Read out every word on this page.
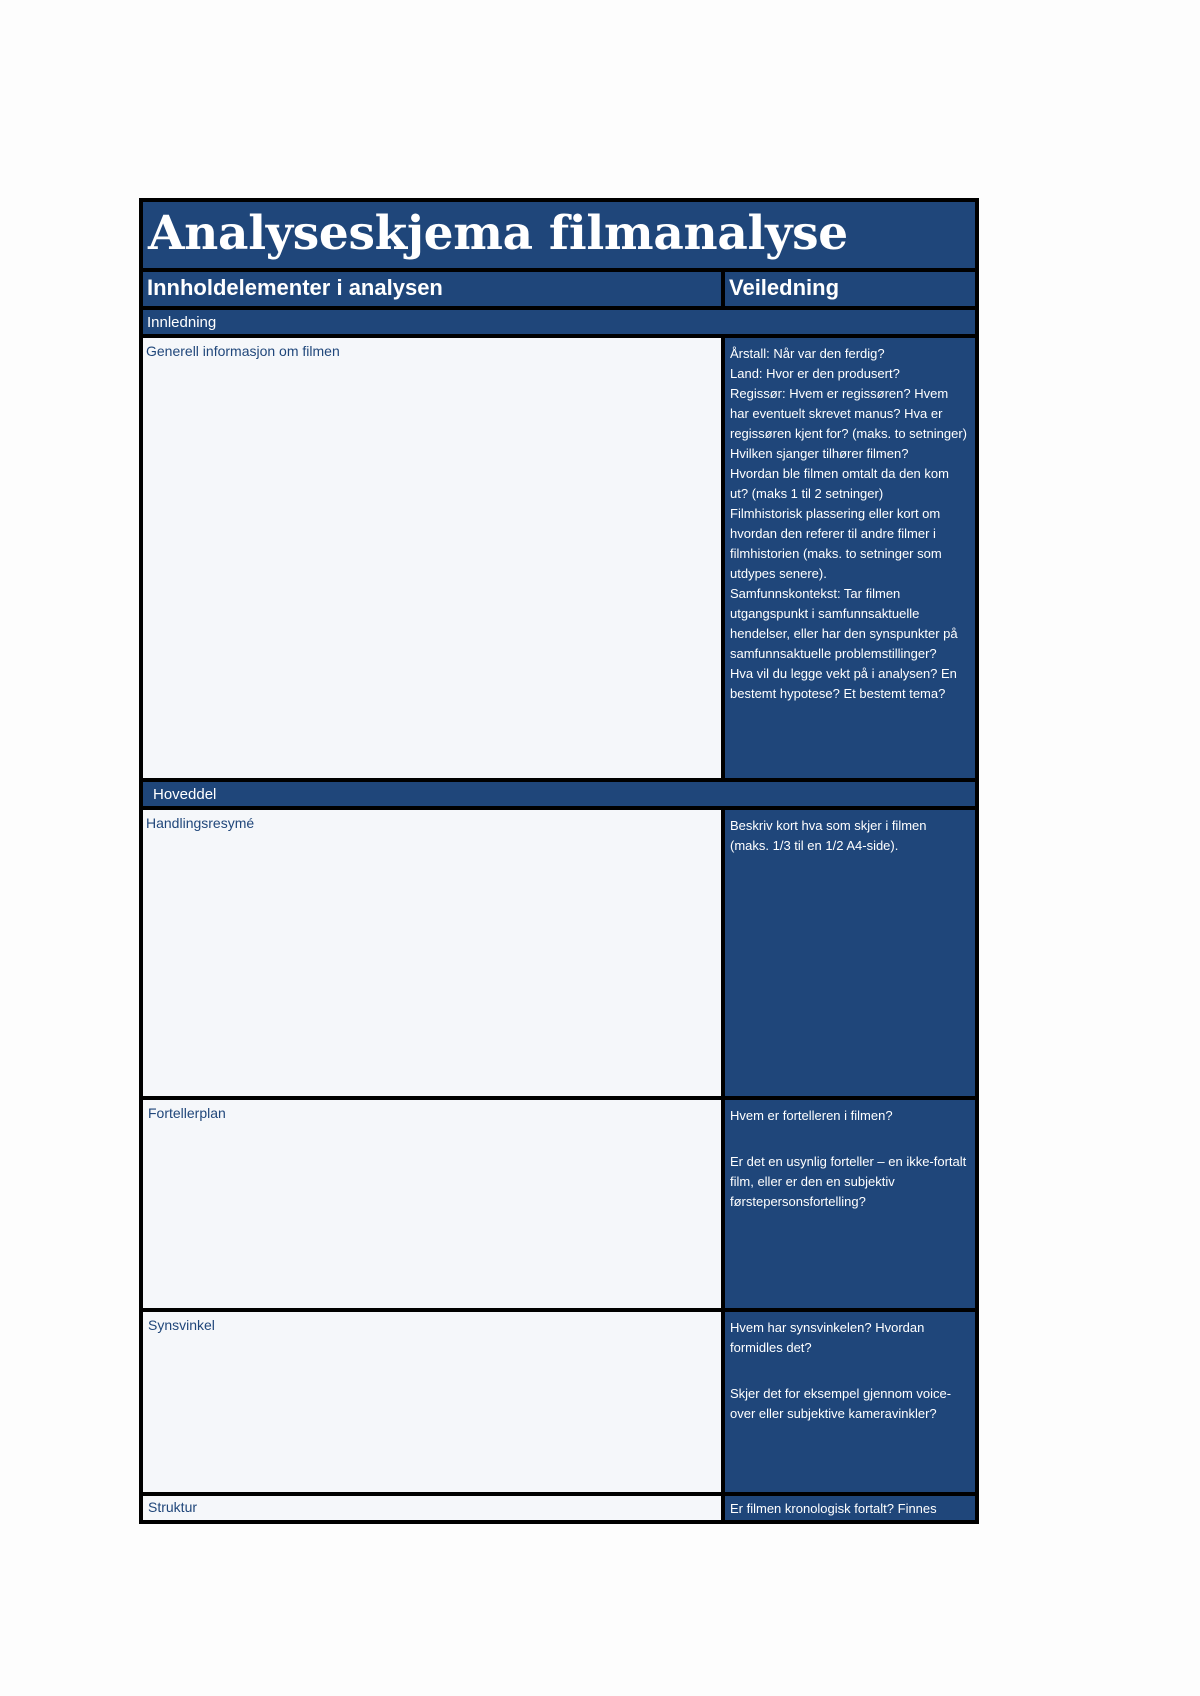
Analyseskjema filmanalyse
Innholdelementer i analysen	Veiledning
Innledning
Generell informasjon om filmen	Årstall: Når var den ferdig?

Land: Hvor er den produsert?

Regissør: Hvem er regissøren? Hvem har eventuelt skrevet manus? Hva er regissøren kjent for? (maks. to setninger)

Hvilken sjanger tilhører filmen?

Hvordan ble filmen omtalt da den kom ut? (maks 1 til 2 setninger)

Filmhistorisk plassering eller kort om hvordan den referer til andre filmer i filmhistorien (maks. to setninger som utdypes senere).

Samfunnskontekst: Tar filmen utgangspunkt i samfunnsaktuelle hendelser, eller har den synspunkter på samfunnsaktuelle problemstillinger?

Hva vil du legge vekt på i analysen? En bestemt hypotese? Et bestemt tema?

Hoveddel
Handlingsresymé	Beskriv kort hva som skjer i filmen (maks. 1/3 til en 1/2 A4-side).

Fortellerplan	Hvem er fortelleren i filmen?

Er det en usynlig forteller – en ikke-fortalt film, eller er den en subjektiv førstepersonsfortelling?

Synsvinkel	Hvem har synsvinkelen? Hvordan formidles det?

Skjer det for eksempel gjennom voice-over eller subjektive kameravinkler?

Struktur	Er filmen kronologisk fortalt? Finnes
